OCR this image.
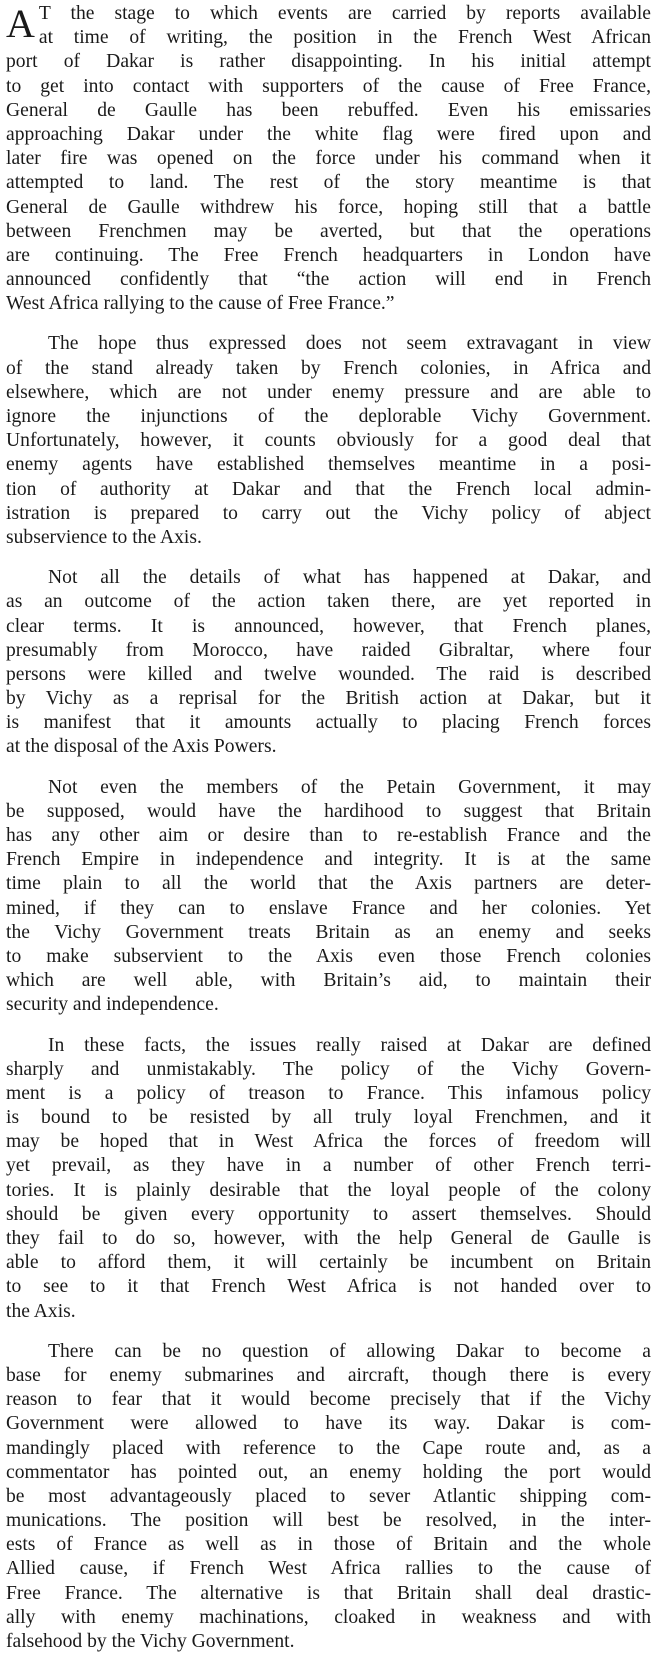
A T the stage to which events are carried by reports available
at time of writing, the position in the French West African
port of Dakar is rather disappointing. In his initial attempt
to get into contact with supporters of the cause of Free France,
General de Gaulle has been rebuffed. Even his emissaries
approaching Dakar under the white flag were fired upon and
later fire was opened on the force under his command when it
attempted to land. The rest of the story meantime is that
General de Gaulle withdrew his force, hoping still that a battle
between Frenchmen may be averted, but that the operations
are continuing. The Free French headquarters in London have
announced confidently that “the action will end in French
West Africa rallying to the cause of Free France.”
The hope thus expressed does not seem extravagant in view
of the stand already taken by French colonies, in Africa and
elsewhere, which are not under enemy pressure and are able to
ignore the injunctions of the deplorable Vichy Government.
Unfortunately, however, it counts obviously for a good deal that
enemy agents have established themselves meantime in a posi-
tion of authority at Dakar and that the French local admin-
istration is prepared to carry out the Vichy policy of abject
subservience to the Axis.
Not all the details of what has happened at Dakar, and
as an outcome of the action taken there, are yet reported in
clear terms. It is announced, however, that French planes,
presumably from Morocco, have raided Gibraltar, where four
persons were killed and twelve wounded. The raid is described
by Vichy as a reprisal for the British action at Dakar, but it
is manifest that it amounts actually to placing French forces
at the disposal of the Axis Powers.
Not even the members of the Petain Government, it may
be supposed, would have the hardihood to suggest that Britain
has any other aim or desire than to re-establish France and the
French Empire in independence and integrity. It is at the same
time plain to all the world that the Axis partners are deter-
mined, if they can to enslave France and her colonies. Yet
the Vichy Government treats Britain as an enemy and seeks
to make subservient to the Axis even those French colonies
which are well able, with Britain’s aid, to maintain their
security and independence.
In these facts, the issues really raised at Dakar are defined
sharply and unmistakably. The policy of the Vichy Govern-
ment is a policy of treason to France. This infamous policy
is bound to be resisted by all truly loyal Frenchmen, and it
may be hoped that in West Africa the forces of freedom will
yet prevail, as they have in a number of other French terri-
tories. It is plainly desirable that the loyal people of the colony
should be given every opportunity to assert themselves. Should
they fail to do so, however, with the help General de Gaulle is
able to afford them, it will certainly be incumbent on Britain
to see to it that French West Africa is not handed over to
the Axis.
There can be no question of allowing Dakar to become a
base for enemy submarines and aircraft, though there is every
reason to fear that it would become precisely that if the Vichy
Government were allowed to have its way. Dakar is com-
mandingly placed with reference to the Cape route and, as a
commentator has pointed out, an enemy holding the port would
be most advantageously placed to sever Atlantic shipping com-
munications. The position will best be resolved, in the inter-
ests of France as well as in those of Britain and the whole
Allied cause, if French West Africa rallies to the cause of
Free France. The alternative is that Britain shall deal drastic-
ally with enemy machinations, cloaked in weakness and with
falsehood by the Vichy Government.
